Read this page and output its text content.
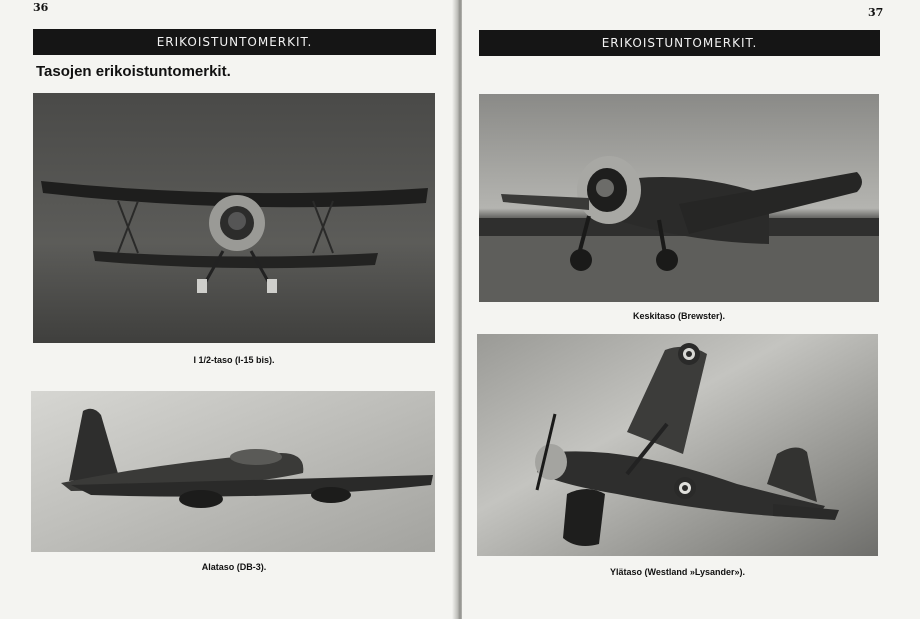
36
ERIKOISTUNTOMERKIT.
Tasojen erikoistuntomerkit.
I 1/2-taso (I-15 bis).
Alataso (DB-3).
37
ERIKOISTUNTOMERKIT.
Keskitaso (Brewster).
Ylätaso (Westland »Lysander»).
